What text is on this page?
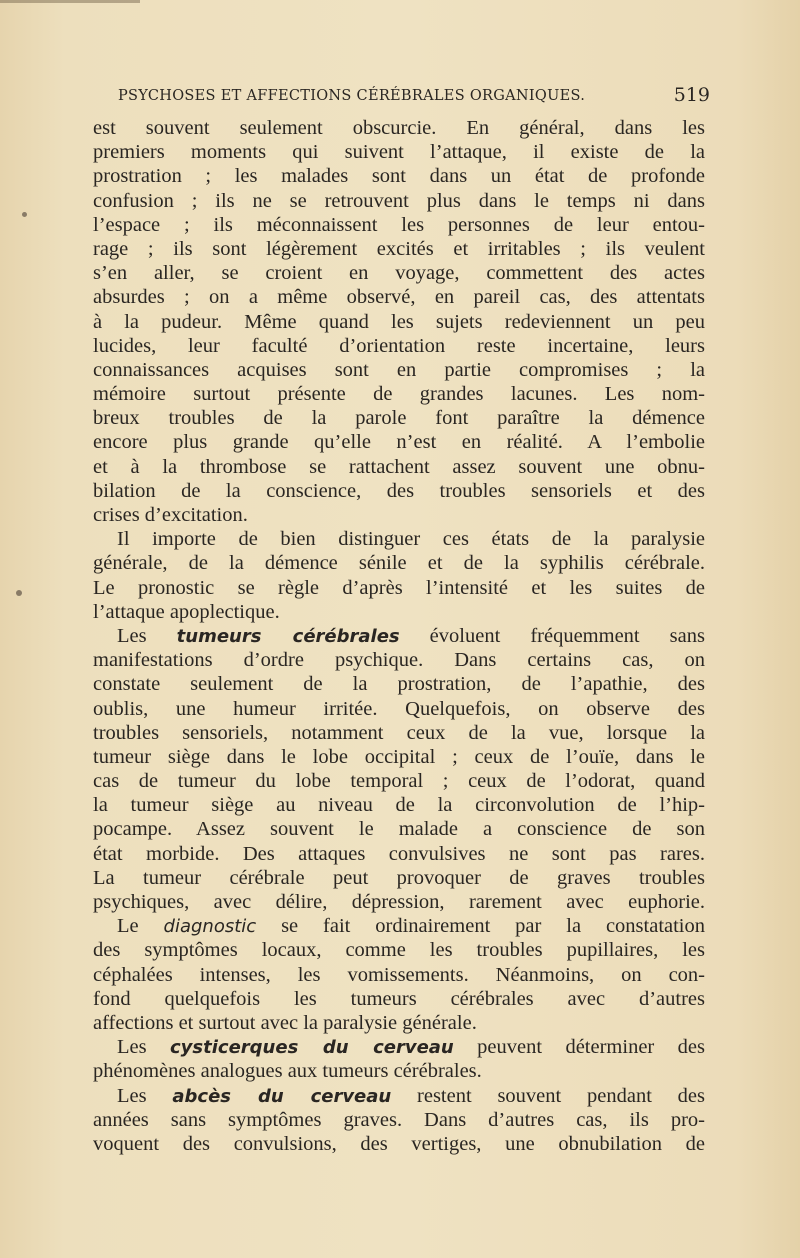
PSYCHOSES ET AFFECTIONS CÉRÉBRALES ORGANIQUES.	519
est souvent seulement obscurcie. En général, dans les
premiers moments qui suivent l’attaque, il existe de la
prostration ; les malades sont dans un état de profonde
confusion ; ils ne se retrouvent plus dans le temps ni dans
l’espace ; ils méconnaissent les personnes de leur entou-
rage ; ils sont légèrement excités et irritables ; ils veulent
s’en aller, se croient en voyage, commettent des actes
absurdes ; on a même observé, en pareil cas, des attentats
à la pudeur. Même quand les sujets redeviennent un peu
lucides, leur faculté d’orientation reste incertaine, leurs
connaissances acquises sont en partie compromises ; la
mémoire surtout présente de grandes lacunes. Les nom-
breux troubles de la parole font paraître la démence
encore plus grande qu’elle n’est en réalité. A l’embolie
et à la thrombose se rattachent assez souvent une obnu-
bilation de la conscience, des troubles sensoriels et des
crises d’excitation.
Il importe de bien distinguer ces états de la paralysie
générale, de la démence sénile et de la syphilis cérébrale.
Le pronostic se règle d’après l’intensité et les suites de
l’attaque apoplectique.
Les tumeurs cérébrales évoluent fréquemment sans
manifestations d’ordre psychique. Dans certains cas, on
constate seulement de la prostration, de l’apathie, des
oublis, une humeur irritée. Quelquefois, on observe des
troubles sensoriels, notamment ceux de la vue, lorsque la
tumeur siège dans le lobe occipital ; ceux de l’ouïe, dans le
cas de tumeur du lobe temporal ; ceux de l’odorat, quand
la tumeur siège au niveau de la circonvolution de l’hip-
pocampe. Assez souvent le malade a conscience de son
état morbide. Des attaques convulsives ne sont pas rares.
La tumeur cérébrale peut provoquer de graves troubles
psychiques, avec délire, dépression, rarement avec euphorie.
Le diagnostic se fait ordinairement par la constatation
des symptômes locaux, comme les troubles pupillaires, les
céphalées intenses, les vomissements. Néanmoins, on con-
fond quelquefois les tumeurs cérébrales avec d’autres
affections et surtout avec la paralysie générale.
Les cysticerques du cerveau peuvent déterminer des
phénomènes analogues aux tumeurs cérébrales.
Les abcès du cerveau restent souvent pendant des
années sans symptômes graves. Dans d’autres cas, ils pro-
voquent des convulsions, des vertiges, une obnubilation de
